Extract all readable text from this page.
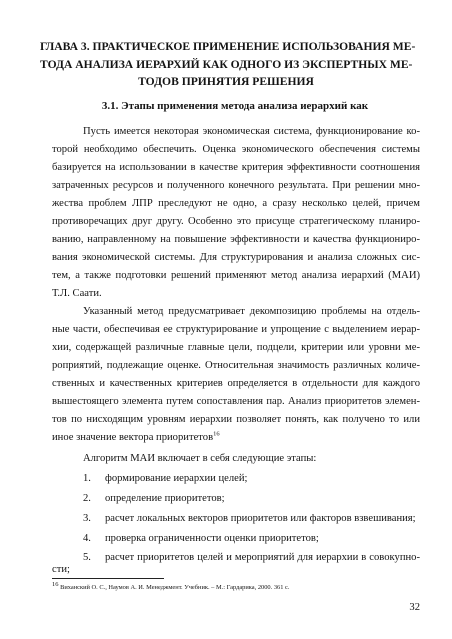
ГЛАВА 3. ПРАКТИЧЕСКОЕ ПРИМЕНЕНИЕ ИСПОЛЬЗОВАНИЯ МЕ-
ТОДА АНАЛИЗА ИЕРАРХИЙ КАК ОДНОГО ИЗ ЭКСПЕРТНЫХ МЕ-
ТОДОВ ПРИНЯТИЯ РЕШЕНИЯ
3.1. Этапы применения метода анализа иерархий как
Пусть имеется некоторая экономическая система, функционирование ко-
торой необходимо обеспечить. Оценка экономического обеспечения системы
базируется на использовании в качестве критерия эффективности соотношения
затраченных ресурсов и полученного конечного результата. При решении мно-
жества проблем ЛПР преследуют не одно, а сразу несколько целей, причем
противоречащих друг другу. Особенно это присуще стратегическому планиро-
ванию, направленному на повышение эффективности и качества функциониро-
вания экономической системы. Для структурирования и анализа сложных сис-
тем, а также подготовки решений применяют метод анализа иерархий (МАИ)
Т.Л. Саати.
Указанный метод предусматривает декомпозицию проблемы на отдель-
ные части, обеспечивая ее структурирование и упрощение с выделением иерар-
хии, содержащей различные главные цели, подцели, критерии или уровни ме-
роприятий, подлежащие оценке. Относительная значимость различных количе-
ственных и качественных критериев определяется в отдельности для каждого
вышестоящего элемента путем сопоставления пар. Анализ приоритетов элемен-
тов по нисходящим уровням иерархии позволяет понять, как получено то или
иное значение вектора приоритетов$^{16}$
Алгоритм МАИ включает в себя следующие этапы:
1. формирование иерархии целей;
2. определение приоритетов;
3. расчет локальных векторов приоритетов или факторов взвешивания;
4. проверка ограниченности оценки приоритетов;
5. расчет приоритетов целей и мероприятий для иерархии в совокупно-
сти;
$^{16}$ Виханский О. С., Наумов А. И. Менеджмент. Учебник. – М.: Гардарика, 2000. 361 с.
32
